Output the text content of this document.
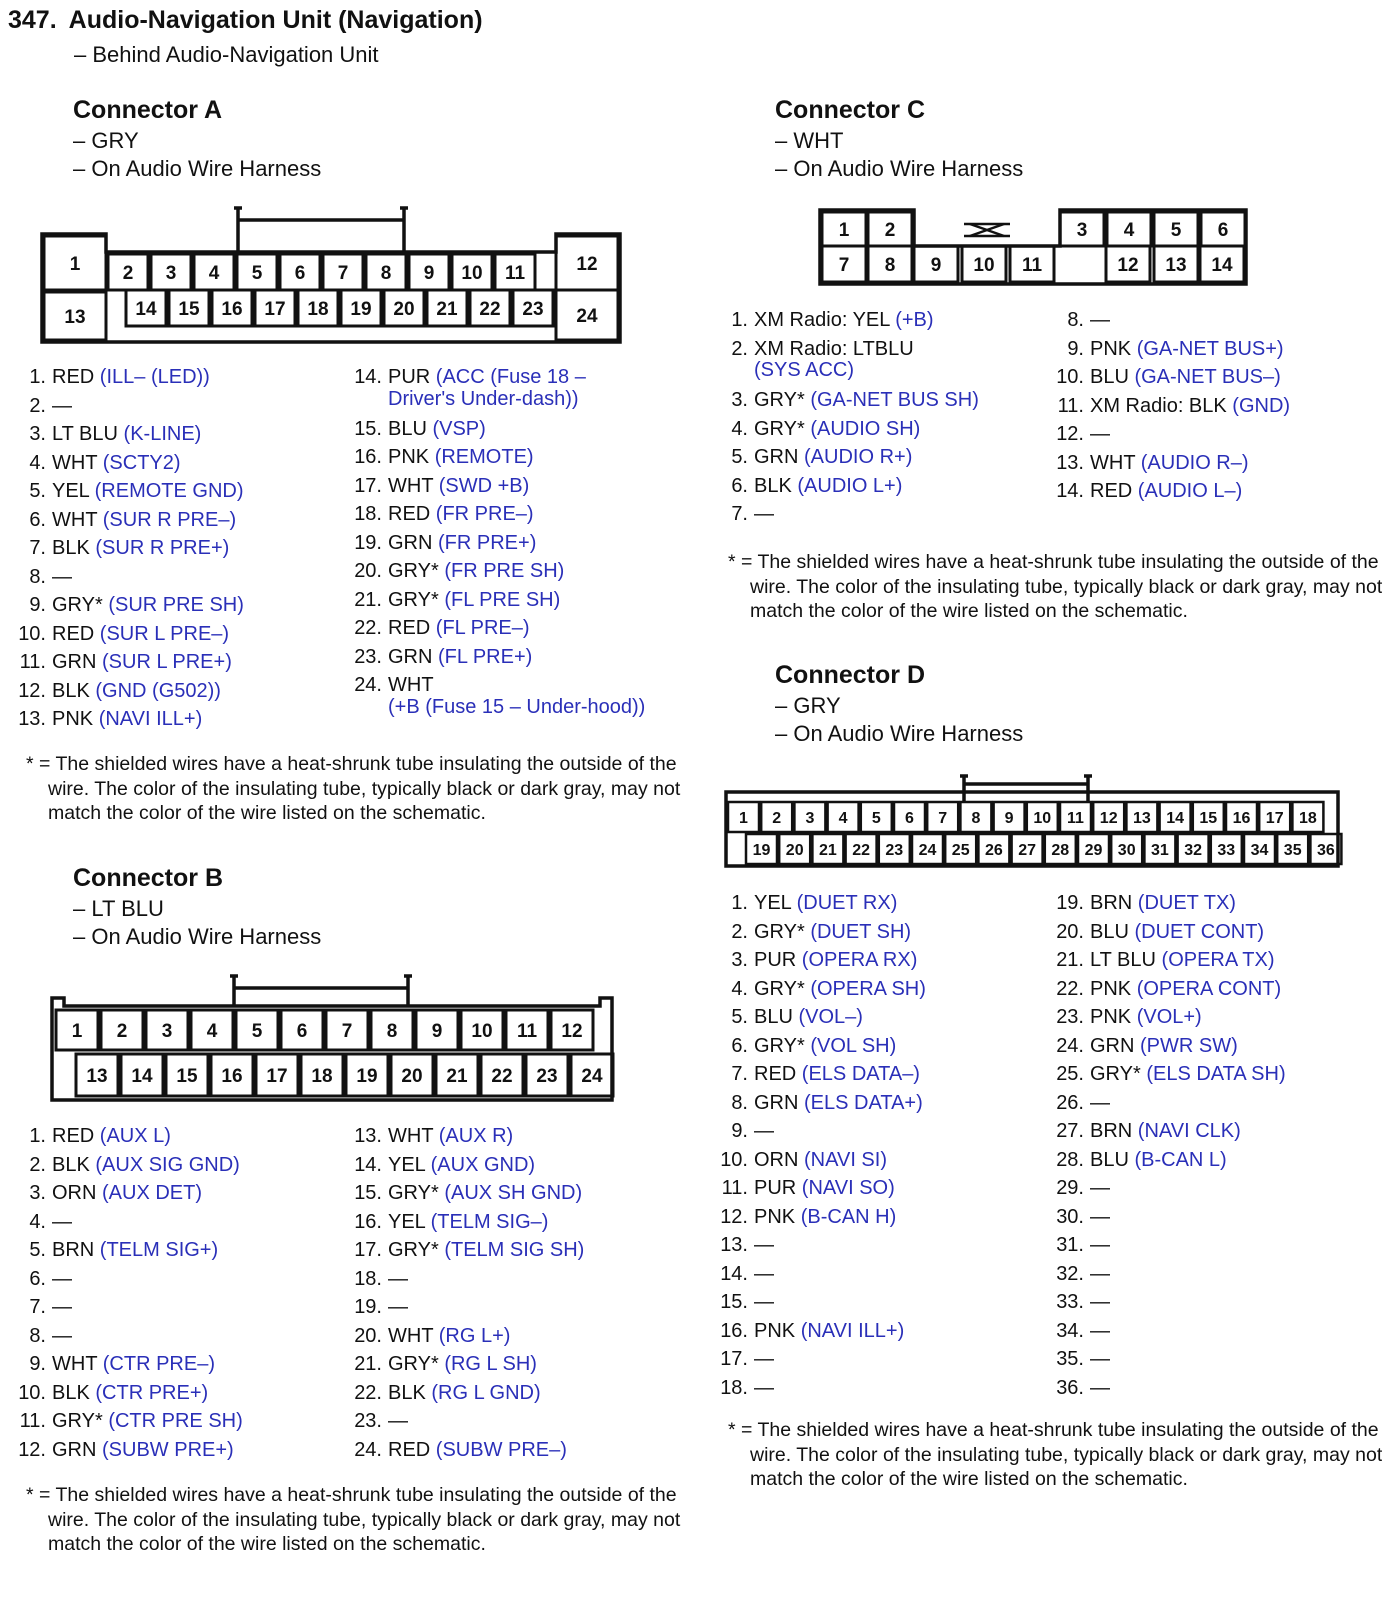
347. Audio-Navigation Unit (Navigation)
– Behind Audio-Navigation Unit
Connector A
– GRY
– On Audio Wire Harness
1 2 3 4 5 6 7 8 9 10 11	12
13	14 15 16 17 18 19 20 21 22 23 24
1. RED (ILL– (LED))
2. —
3. LT BLU (K-LINE)
4. WHT (SCTY2)
5. YEL (REMOTE GND)
6. WHT (SUR R PRE–)
7. BLK (SUR R PRE+)
8. —
9. GRY* (SUR PRE SH)
10. RED (SUR L PRE–)
11. GRN (SUR L PRE+)
12. BLK (GND (G502))
13. PNK (NAVI ILL+)
14. PUR (ACC (Fuse 18 –
Driver's Under-dash))
15. BLU (VSP)
16. PNK (REMOTE)
17. WHT (SWD +B)
18. RED (FR PRE–)
19. GRN (FR PRE+)
20. GRY* (FR PRE SH)
21. GRY* (FL PRE SH)
22. RED (FL PRE–)
23. GRN (FL PRE+)
24. WHT
(+B (Fuse 15 – Under-hood))
* = The shielded wires have a heat-shrunk tube insulating the outside of the wire. The color of the insulating tube, typically black or dark gray, may not match the color of the wire listed on the schematic.
Connector B
– LT BLU
– On Audio Wire Harness
1 2 3 4 5 6 7 8 9 10 11 12
13 14 15 16 17 18 19 20 21 22 23 24
1. RED (AUX L)
2. BLK (AUX SIG GND)
3. ORN (AUX DET)
4. —
5. BRN (TELM SIG+)
6. —
7. —
8. —
9. WHT (CTR PRE–)
10. BLK (CTR PRE+)
11. GRY* (CTR PRE SH)
12. GRN (SUBW PRE+)
13. WHT (AUX R)
14. YEL (AUX GND)
15. GRY* (AUX SH GND)
16. YEL (TELM SIG–)
17. GRY* (TELM SIG SH)
18. —
19. —
20. WHT (RG L+)
21. GRY* (RG L SH)
22. BLK (RG L GND)
23. —
24. RED (SUBW PRE–)
* = The shielded wires have a heat-shrunk tube insulating the outside of the wire. The color of the insulating tube, typically black or dark gray, may not match the color of the wire listed on the schematic.
Connector C
– WHT
– On Audio Wire Harness
1 2	3 4 5 6
7 8 9 10 11	12 13 14
1. XM Radio: YEL (+B)
2. XM Radio: LTBLU
(SYS ACC)
3. GRY* (GA-NET BUS SH)
4. GRY* (AUDIO SH)
5. GRN (AUDIO R+)
6. BLK (AUDIO L+)
7. —
8. —
9. PNK (GA-NET BUS+)
10. BLU (GA-NET BUS–)
11. XM Radio: BLK (GND)
12. —
13. WHT (AUDIO R–)
14. RED (AUDIO L–)
* = The shielded wires have a heat-shrunk tube insulating the outside of the wire. The color of the insulating tube, typically black or dark gray, may not match the color of the wire listed on the schematic.
Connector D
– GRY
– On Audio Wire Harness
1 2 3 4 5 6 7 8 9 10 11 12 13 14 15 16 17 18
19 20 21 22 23 24 25 26 27 28 29 30 31 32 33 34 35 36
1. YEL (DUET RX)
2. GRY* (DUET SH)
3. PUR (OPERA RX)
4. GRY* (OPERA SH)
5. BLU (VOL–)
6. GRY* (VOL SH)
7. RED (ELS DATA–)
8. GRN (ELS DATA+)
9. —
10. ORN (NAVI SI)
11. PUR (NAVI SO)
12. PNK (B-CAN H)
13. —
14. —
15. —
16. PNK (NAVI ILL+)
17. —
18. —
19. BRN (DUET TX)
20. BLU (DUET CONT)
21. LT BLU (OPERA TX)
22. PNK (OPERA CONT)
23. PNK (VOL+)
24. GRN (PWR SW)
25. GRY* (ELS DATA SH)
26. —
27. BRN (NAVI CLK)
28. BLU (B-CAN L)
29. —
30. —
31. —
32. —
33. —
34. —
35. —
36. —
* = The shielded wires have a heat-shrunk tube insulating the outside of the wire. The color of the insulating tube, typically black or dark gray, may not match the color of the wire listed on the schematic.
